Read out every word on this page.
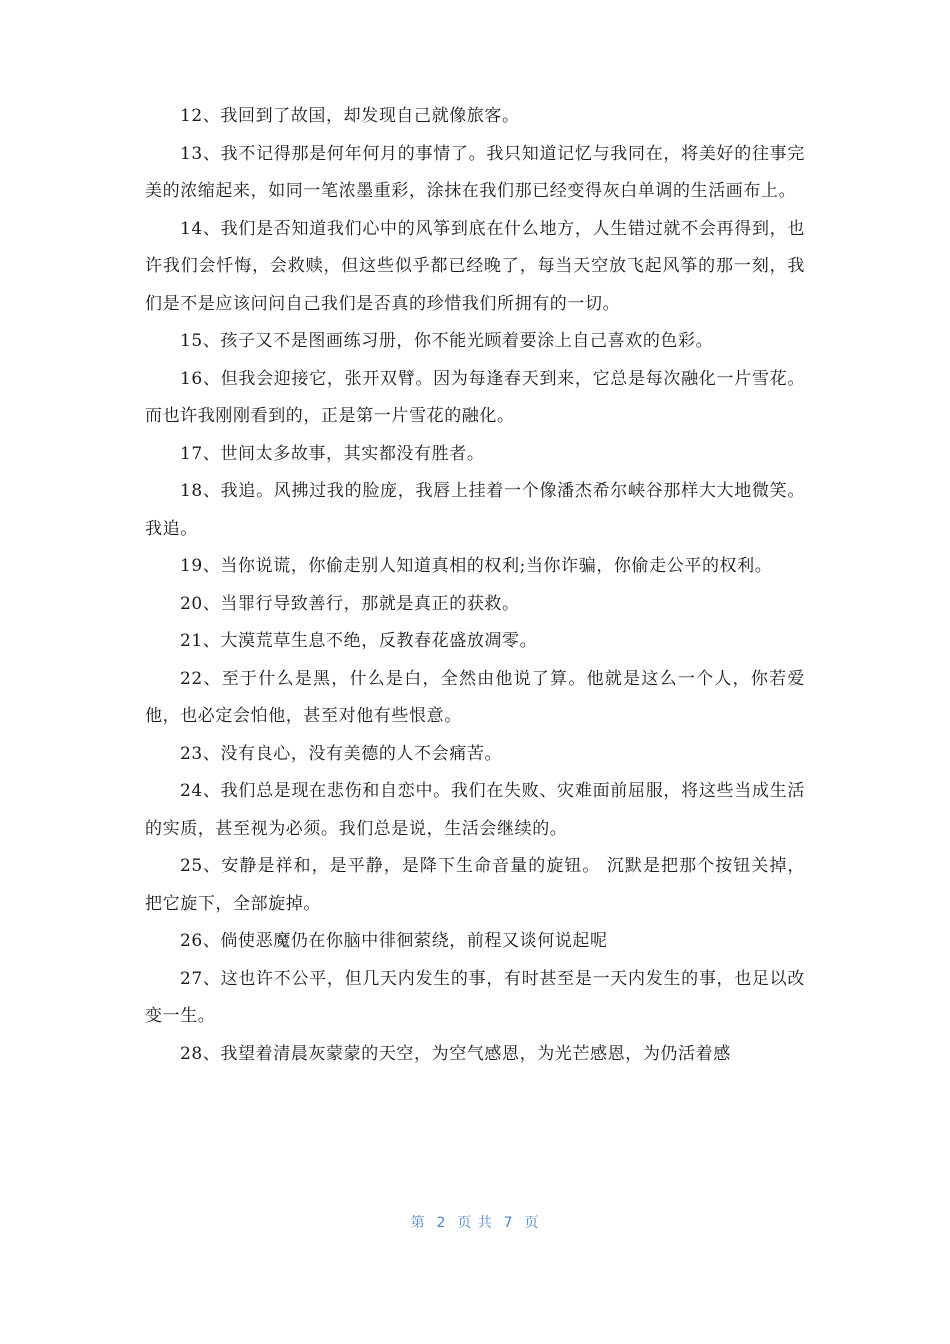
12、我回到了故国，却发现自己就像旅客。

13、我不记得那是何年何月的事情了。我只知道记忆与我同在，将美好的往事完美的浓缩起来，如同一笔浓墨重彩，涂抹在我们那已经变得灰白单调的生活画布上。

14、我们是否知道我们心中的风筝到底在什么地方，人生错过就不会再得到，也许我们会忏悔，会救赎，但这些似乎都已经晚了，每当天空放飞起风筝的那一刻，我们是不是应该问问自己我们是否真的珍惜我们所拥有的一切。

15、孩子又不是图画练习册，你不能光顾着要涂上自己喜欢的色彩。

16、但我会迎接它，张开双臂。因为每逢春天到来，它总是每次融化一片雪花。而也许我刚刚看到的，正是第一片雪花的融化。

17、世间太多故事，其实都没有胜者。

18、我追。风拂过我的脸庞，我唇上挂着一个像潘杰希尔峡谷那样大大地微笑。我追。

19、当你说谎，你偷走别人知道真相的权利;当你诈骗，你偷走公平的权利。

20、当罪行导致善行，那就是真正的获救。

21、大漠荒草生息不绝，反教春花盛放凋零。

22、至于什么是黑，什么是白，全然由他说了算。他就是这么一个人，你若爱他，也必定会怕他，甚至对他有些恨意。

23、没有良心，没有美德的人不会痛苦。

24、我们总是现在悲伤和自恋中。我们在失败、灾难面前屈服，将这些当成生活的实质，甚至视为必须。我们总是说，生活会继续的。

25、安静是祥和，是平静，是降下生命音量的旋钮。 沉默是把那个按钮关掉，把它旋下，全部旋掉。

26、倘使恶魔仍在你脑中徘徊萦绕，前程又谈何说起呢

27、这也许不公平，但几天内发生的事，有时甚至是一天内发生的事，也足以改变一生。

28、我望着清晨灰蒙蒙的天空，为空气感恩，为光芒感恩，为仍活着感

第  2  页 共  7  页
